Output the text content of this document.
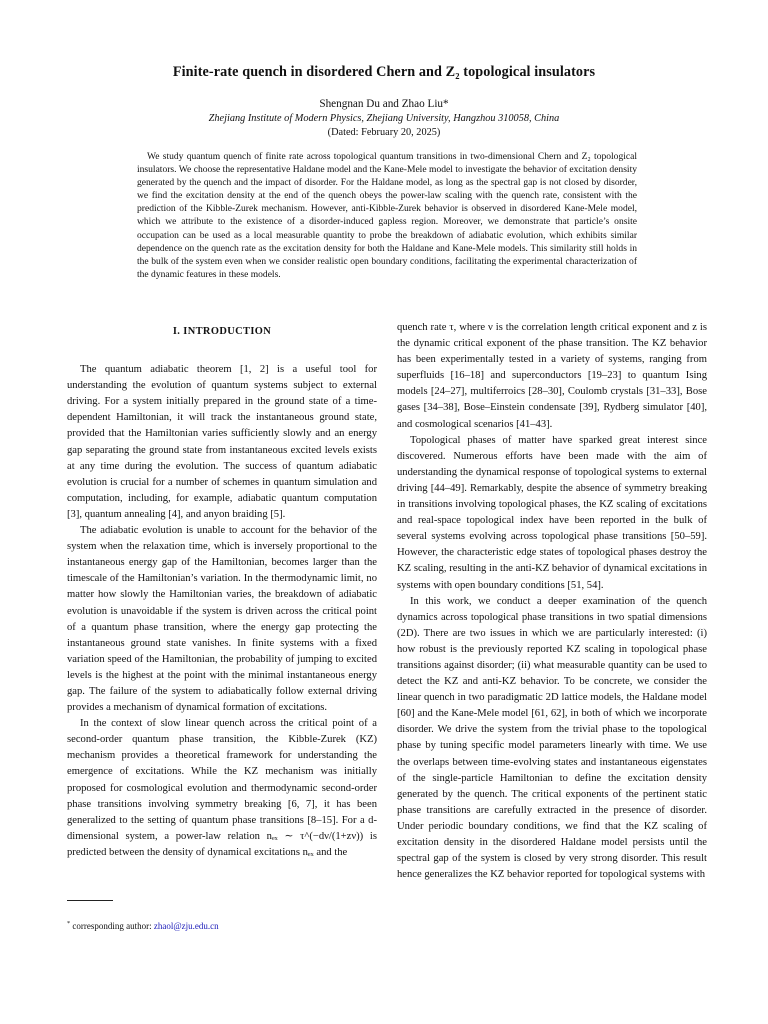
Finite-rate quench in disordered Chern and Z₂ topological insulators
Shengnan Du and Zhao Liu*
Zhejiang Institute of Modern Physics, Zhejiang University, Hangzhou 310058, China
(Dated: February 20, 2025)

We study quantum quench of finite rate across topological quantum transitions in two-dimensional Chern and Z₂ topological insulators. We choose the representative Haldane model and the Kane-Mele model to investigate the behavior of excitation density generated by the quench and the impact of disorder. For the Haldane model, as long as the spectral gap is not closed by disorder, we find the excitation density at the end of the quench obeys the power-law scaling with the quench rate, consistent with the prediction of the Kibble-Zurek mechanism. However, anti-Kibble-Zurek behavior is observed in disordered Kane-Mele model, which we attribute to the existence of a disorder-induced gapless region. Moreover, we demonstrate that particle’s onsite occupation can be used as a local measurable quantity to probe the breakdown of adiabatic evolution, which exhibits similar dependence on the quench rate as the excitation density for both the Haldane and Kane-Mele models. This similarity still holds in the bulk of the system even when we consider realistic open boundary conditions, facilitating the experimental characterization of the dynamic features in these models.

I. INTRODUCTION

The quantum adiabatic theorem [1, 2] is a useful tool for understanding the evolution of quantum systems subject to external driving. For a system initially prepared in the ground state of a time-dependent Hamiltonian, it will track the instantaneous ground state, provided that the Hamiltonian varies sufficiently slowly and an energy gap separating the ground state from instantaneous excited levels exists at any time during the evolution. The success of quantum adiabatic evolution is crucial for a number of schemes in quantum simulation and computation, including, for example, adiabatic quantum computation [3], quantum annealing [4], and anyon braiding [5].

The adiabatic evolution is unable to account for the behavior of the system when the relaxation time, which is inversely proportional to the instantaneous energy gap of the Hamiltonian, becomes larger than the timescale of the Hamiltonian’s variation. In the thermodynamic limit, no matter how slowly the Hamiltonian varies, the breakdown of adiabatic evolution is unavoidable if the system is driven across the critical point of a quantum phase transition, where the energy gap protecting the instantaneous ground state vanishes. In finite systems with a fixed variation speed of the Hamiltonian, the probability of jumping to excited levels is the highest at the point with the minimal instantaneous energy gap. The failure of the system to adiabatically follow external driving provides a mechanism of dynamical formation of excitations.

In the context of slow linear quench across the critical point of a second-order quantum phase transition, the Kibble-Zurek (KZ) mechanism provides a theoretical framework for understanding the emergence of excitations. While the KZ mechanism was initially proposed for cosmological evolution and thermodynamic second-order phase transitions involving symmetry breaking [6, 7], it has been generalized to the setting of quantum phase transitions [8–15]. For a d-dimensional system, a power-law relation nₑₓ ∼ τ^(−dν/(1+zν)) is predicted between the density of dynamical excitations nₑₓ and the

quench rate τ, where ν is the correlation length critical exponent and z is the dynamic critical exponent of the phase transition. The KZ behavior has been experimentally tested in a variety of systems, ranging from superfluids [16–18] and superconductors [19–23] to quantum Ising models [24–27], multiferroics [28–30], Coulomb crystals [31–33], Bose gases [34–38], Bose–Einstein condensate [39], Rydberg simulator [40], and cosmological scenarios [41–43].

Topological phases of matter have sparked great interest since discovered. Numerous efforts have been made with the aim of understanding the dynamical response of topological systems to external driving [44–49]. Remarkably, despite the absence of symmetry breaking in transitions involving topological phases, the KZ scaling of excitations and real-space topological index have been reported in the bulk of several systems evolving across topological phase transitions [50–59]. However, the characteristic edge states of topological phases destroy the KZ scaling, resulting in the anti-KZ behavior of dynamical excitations in systems with open boundary conditions [51, 54].

In this work, we conduct a deeper examination of the quench dynamics across topological phase transitions in two spatial dimensions (2D). There are two issues in which we are particularly interested: (i) how robust is the previously reported KZ scaling in topological phase transitions against disorder; (ii) what measurable quantity can be used to detect the KZ and anti-KZ behavior. To be concrete, we consider the linear quench in two paradigmatic 2D lattice models, the Haldane model [60] and the Kane-Mele model [61, 62], in both of which we incorporate disorder. We drive the system from the trivial phase to the topological phase by tuning specific model parameters linearly with time. We use the overlaps between time-evolving states and instantaneous eigenstates of the single-particle Hamiltonian to define the excitation density generated by the quench. The critical exponents of the pertinent static phase transitions are carefully extracted in the presence of disorder. Under periodic boundary conditions, we find that the KZ scaling of excitation density in the disordered Haldane model persists until the spectral gap of the system is closed by very strong disorder. This result hence generalizes the KZ behavior reported for topological systems with

* corresponding author: zhaol@zju.edu.cn
